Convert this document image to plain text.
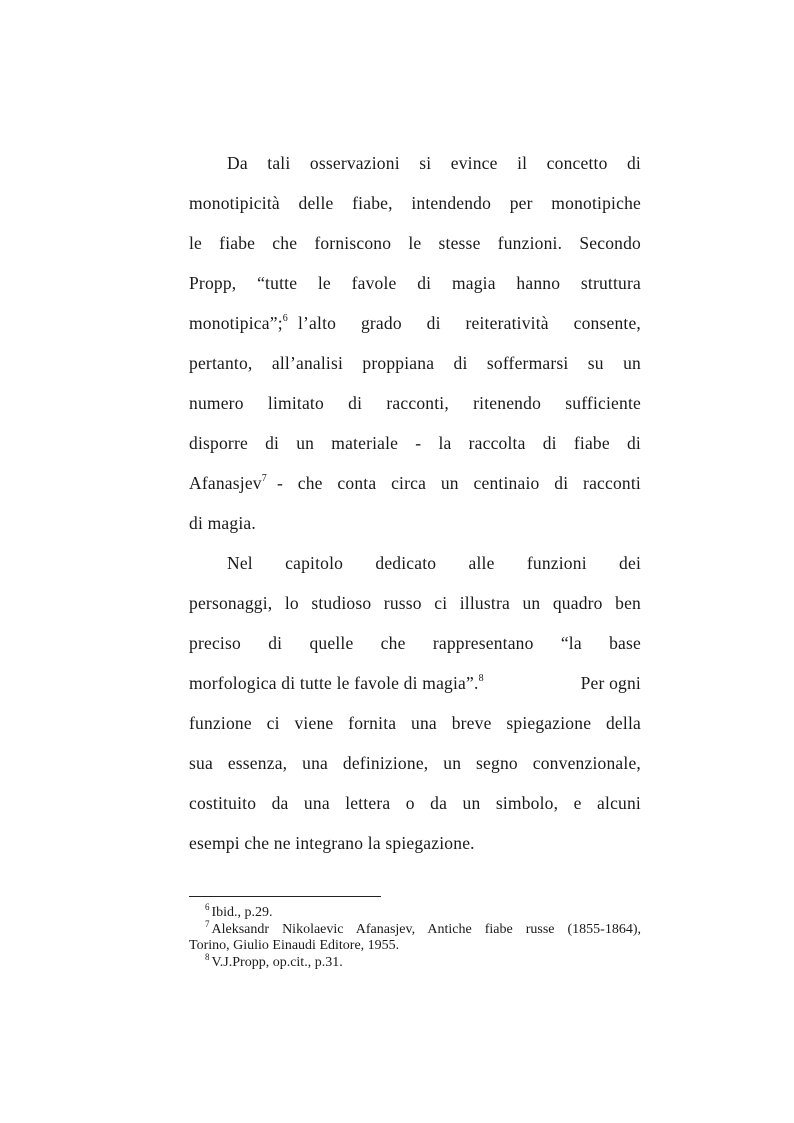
Da tali osservazioni si evince il concetto di
monotipicità delle fiabe, intendendo per monotipiche
le fiabe che forniscono le stesse funzioni. Secondo
Propp, “tutte le favole di magia hanno struttura
monotipica”;$^6$ l’alto grado di reiteratività consente,
pertanto, all’analisi proppiana di soffermarsi su un
numero limitato di racconti, ritenendo sufficiente
disporre di un materiale - la raccolta di fiabe di
Afanasjev$^7$ - che conta circa un centinaio di racconti
di magia.
Nel capitolo dedicato alle funzioni dei
personaggi, lo studioso russo ci illustra un quadro ben
preciso di quelle che rappresentano “la base
morfologica di tutte le favole di magia”.$^8$	Per ogni
funzione ci viene fornita una breve spiegazione della
sua essenza, una definizione, un segno convenzionale,
costituito da una lettera o da un simbolo, e alcuni
esempi che ne integrano la spiegazione.
$^6$ Ibid., p.29.
$^7$ Aleksandr Nikolaevic Afanasjev, Antiche fiabe russe (1855-1864),
Torino, Giulio Einaudi Editore, 1955.
$^8$ V.J.Propp, op.cit., p.31.
